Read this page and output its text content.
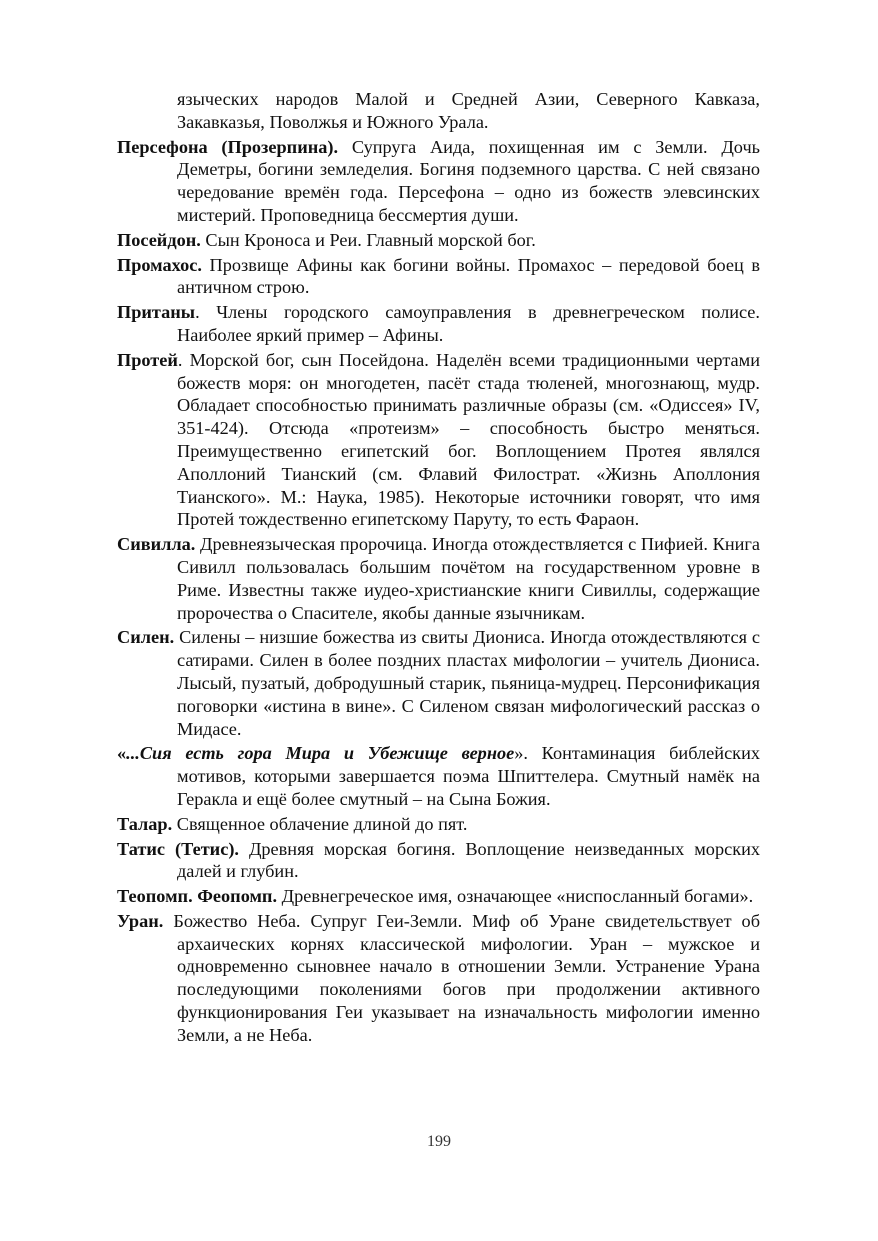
языческих народов Малой и Средней Азии, Северного Кавказа, Закавказья, Поволжья и Южного Урала.

Персефона (Прозерпина). Супруга Аида, похищенная им с Земли. Дочь Деметры, богини земледелия. Богиня подземного царства. С ней связано чередование времён года. Персефона – одно из божеств элевсинских мистерий. Проповедница бессмертия души.

Посейдон. Сын Кроноса и Реи. Главный морской бог.

Промахос. Прозвище Афины как богини войны. Промахос – передовой боец в античном строю.

Пританы. Члены городского самоуправления в древнегреческом полисе. Наиболее яркий пример – Афины.

Протей. Морской бог, сын Посейдона. Наделён всеми традиционными чертами божеств моря: он многодетен, пасёт стада тюленей, многознающ, мудр. Обладает способностью принимать различные образы (см. «Одиссея» IV, 351-424). Отсюда «протеизм» – способность быстро меняться. Преимущественно египетский бог. Воплощением Протея являлся Аполлоний Тианский (см. Флавий Филострат. «Жизнь Аполлония Тианского». М.: Наука, 1985). Некоторые источники говорят, что имя Протей тождественно египетскому Паруту, то есть Фараон.

Сивилла. Древнеязыческая пророчица. Иногда отождествляется с Пифией. Книга Сивилл пользовалась большим почётом на государственном уровне в Риме. Известны также иудео-христианские книги Сивиллы, содержащие пророчества о Спасителе, якобы данные язычникам.

Силен. Силены – низшие божества из свиты Диониса. Иногда отождествляются с сатирами. Силен в более поздних пластах мифологии – учитель Диониса. Лысый, пузатый, добродушный старик, пьяница-мудрец. Персонификация поговорки «истина в вине». С Силеном связан мифологический рассказ о Мидасе.

«...Сия есть гора Мира и Убежище верное». Контаминация библейских мотивов, которыми завершается поэма Шпиттелера. Смутный намёк на Геракла и ещё более смутный – на Сына Божия.

Талар. Священное облачение длиной до пят.

Татис (Тетис). Древняя морская богиня. Воплощение неизведанных морских далей и глубин.

Теопомп. Феопомп. Древнегреческое имя, означающее «ниспосланный богами».

Уран. Божество Неба. Супруг Геи-Земли. Миф об Уране свидетельствует об архаических корнях классической мифологии. Уран – мужское и одновременно сыновнее начало в отношении Земли. Устранение Урана последующими поколениями богов при продолжении активного функционирования Геи указывает на изначальность мифологии именно Земли, а не Неба.

199
